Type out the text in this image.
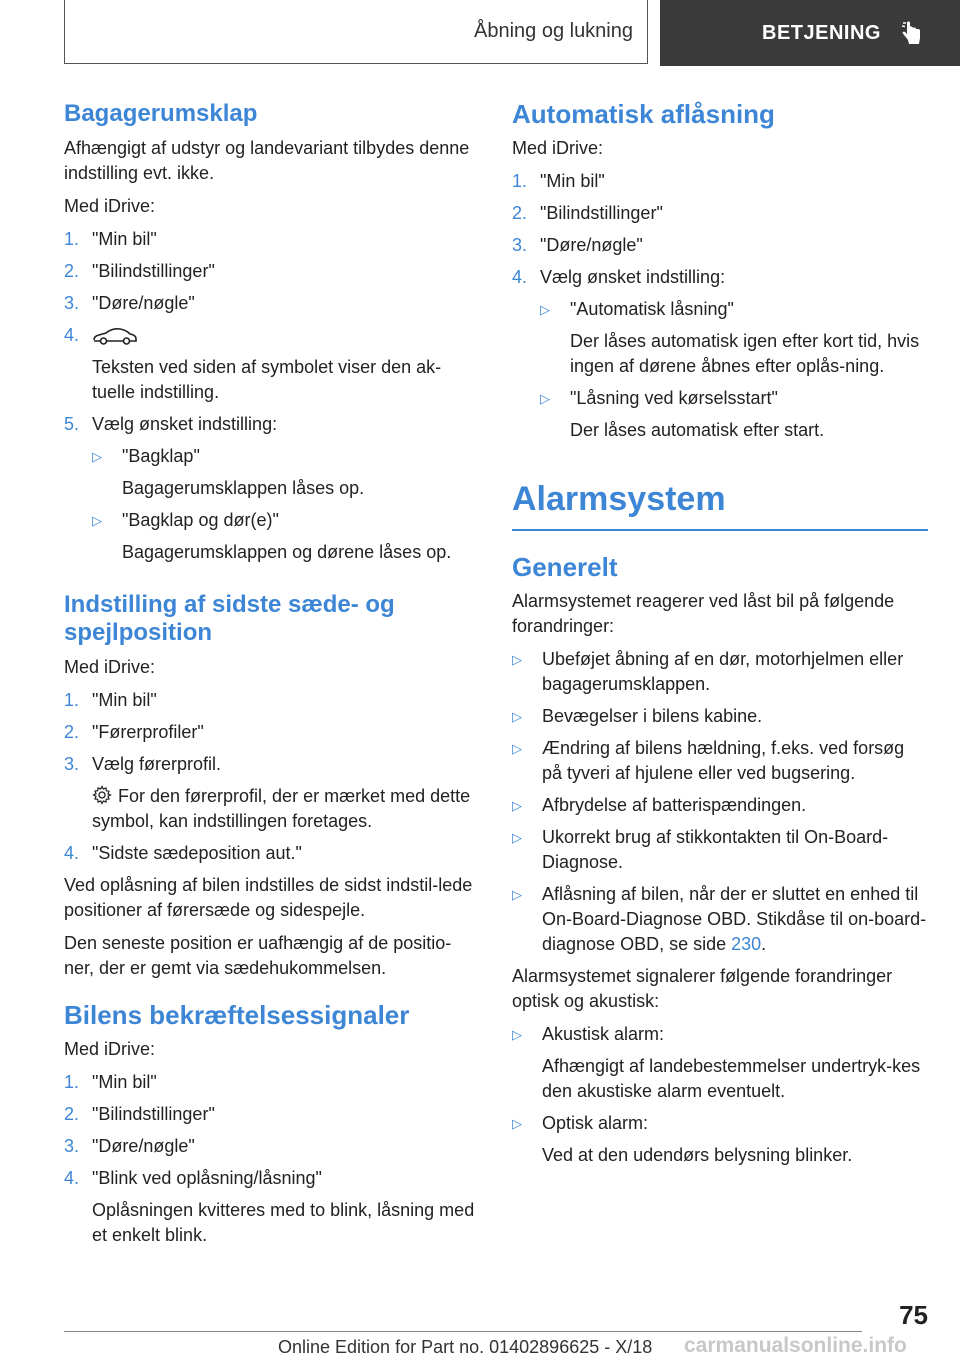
Åbning og lukning	BETJENING
Bagagerumsklap

Afhængigt af udstyr og landevariant tilbydes denne indstilling evt. ikke.

Med iDrive:

1. "Min bil"
2. "Bilindstillinger"
3. "Døre/nøgle"
4.
Teksten ved siden af symbolet viser den ak-tuelle indstilling.
5. Vælg ønsket indstilling:
▷	"Bagklap"
Bagagerumsklappen låses op.
▷	"Bagklap og dør(e)"
Bagagerumsklappen og dørene låses op.
Indstilling af sidste sæde- og spejlposition

Med iDrive:

1. "Min bil"
2. "Førerprofiler"
3. Vælg førerprofil.
For den førerprofil, der er mærket med dette symbol, kan indstillingen foretages.
4. "Sidste sædeposition aut."

Ved oplåsning af bilen indstilles de sidst indstil-lede positioner af førersæde og sidespejle.

Den seneste position er uafhængig af de positio-ner, der er gemt via sædehukommelsen.

Bilens bekræftelsessignaler

Med iDrive:

1. "Min bil"
2. "Bilindstillinger"
3. "Døre/nøgle"
4. "Blink ved oplåsning/låsning"
Oplåsningen kvitteres med to blink, låsning med et enkelt blink.
Automatisk aflåsning

Med iDrive:

1. "Min bil"
2. "Bilindstillinger"
3. "Døre/nøgle"
4. Vælg ønsket indstilling:
▷	"Automatisk låsning"
Der låses automatisk igen efter kort tid, hvis ingen af dørene åbnes efter oplås-ning.
▷	"Låsning ved kørselsstart"
Der låses automatisk efter start.
Alarmsystem
Generelt

Alarmsystemet reagerer ved låst bil på følgende forandringer:

▷	Ubeføjet åbning af en dør, motorhjelmen eller bagagerumsklappen.
▷	Bevægelser i bilens kabine.
▷	Ændring af bilens hældning, f.eks. ved forsøg på tyveri af hjulene eller ved bugsering.
▷	Afbrydelse af batterispændingen.
▷	Ukorrekt brug af stikkontakten til On-Board-Diagnose.
▷	Aflåsning af bilen, når der er sluttet en enhed til On-Board-Diagnose OBD. Stikdåse til on-board-diagnose OBD, se side 230.

Alarmsystemet signalerer følgende forandringer optisk og akustisk:

▷	Akustisk alarm:
Afhængigt af landebestemmelser undertryk-kes den akustiske alarm eventuelt.
▷	Optisk alarm:
Ved at den udendørs belysning blinker.
75
Online Edition for Part no. 01402896625 - X/18 carmanualsonline.info
